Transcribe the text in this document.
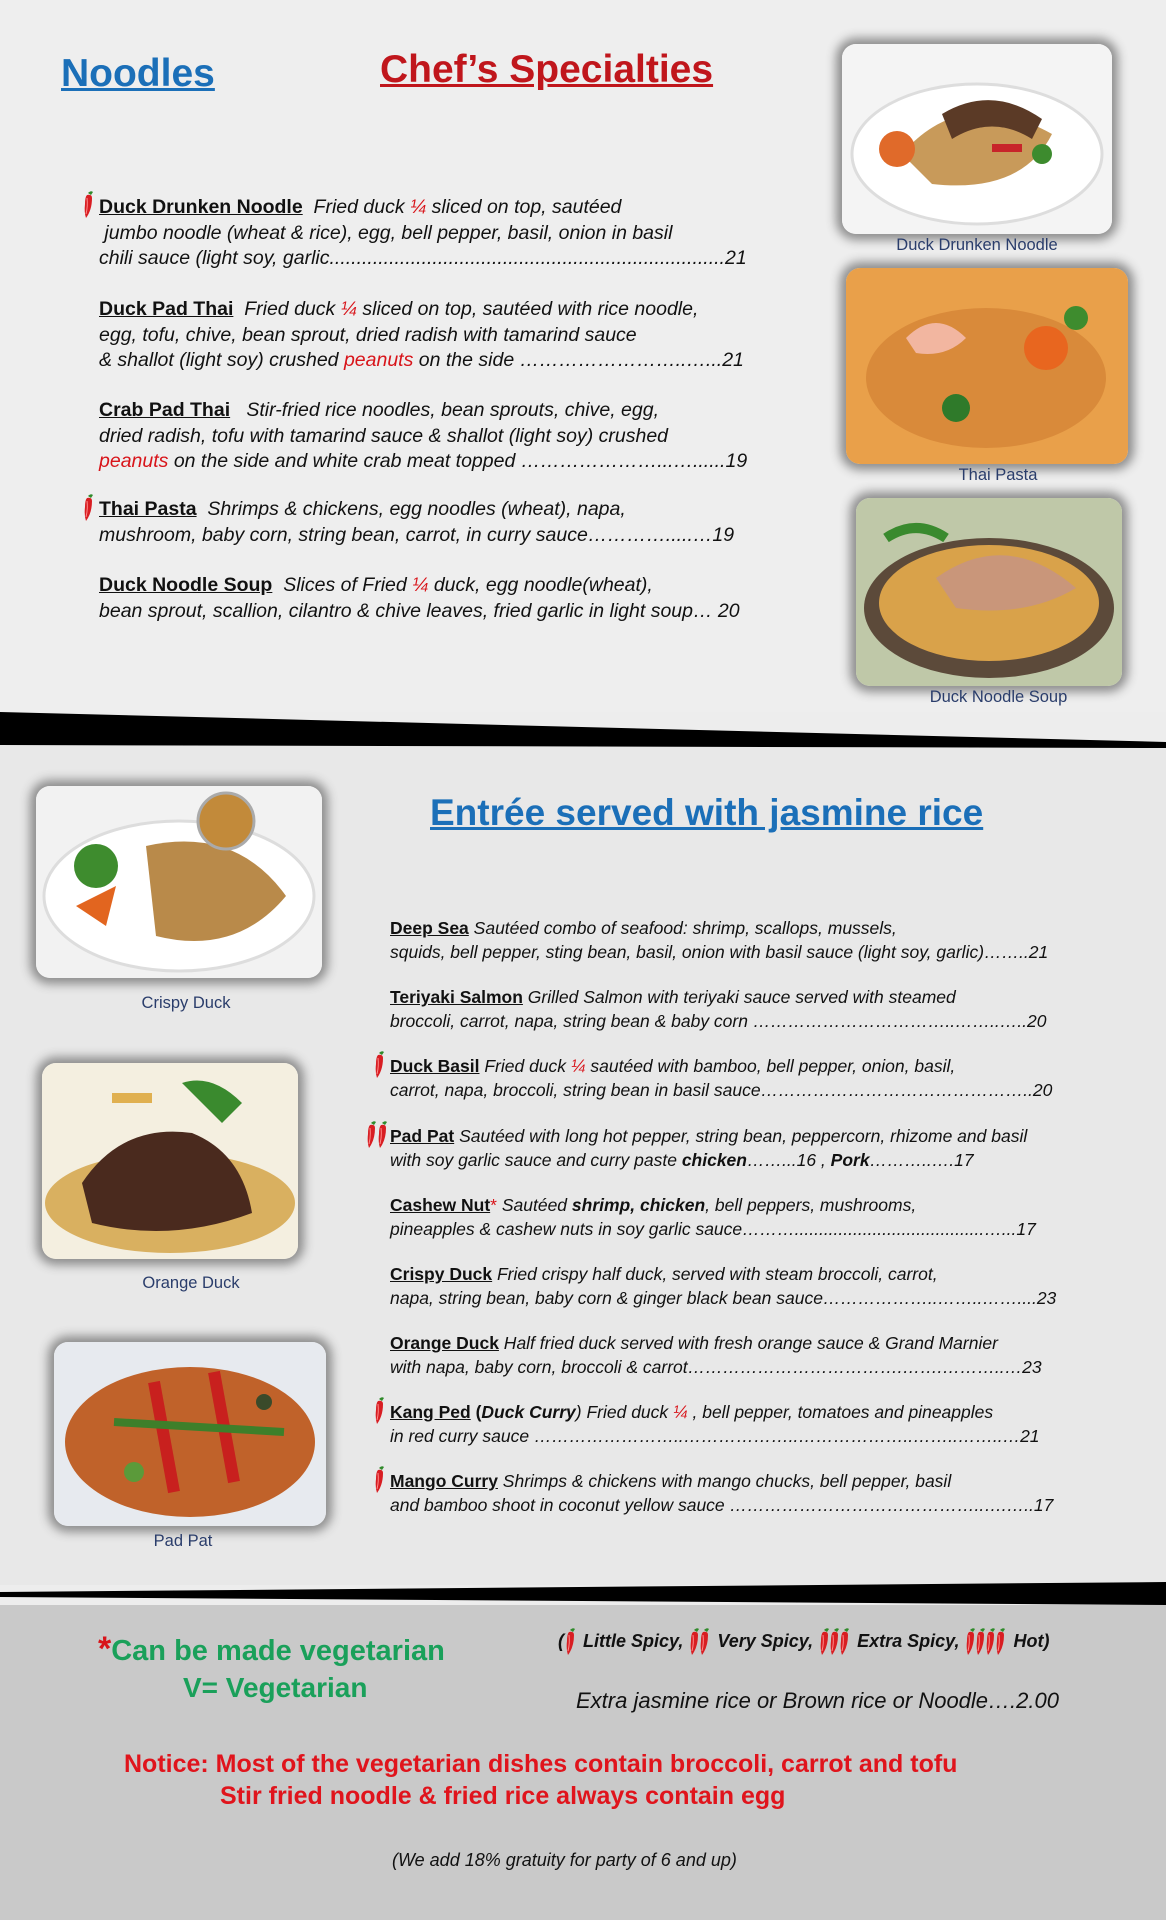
Noodles	Chef’s Specialties
Entrée served with jasmine rice
Duck Drunken Noodle Fried duck ¼ sliced on top, sautéed
jumbo noodle (wheat & rice), egg, bell pepper, basil, onion in basil
chili sauce (light soy, garlic.........................................................................21
Duck Pad Thai Fried duck ¼ sliced on top, sautéed with rice noodle,
egg, tofu, chive, bean sprout, dried radish with tamarind sauce
& shallot (light soy) crushed peanuts on the side ……………………..…...21
Crab Pad Thai   Stir-fried rice noodles, bean sprouts, chive, egg,
dried radish, tofu with tamarind sauce & shallot (light soy) crushed
peanuts on the side and white crab meat topped …………………...…......19
Thai Pasta Shrimps & chickens, egg noodles (wheat), napa,
mushroom, baby corn, string bean, carrot, in curry sauce………….....…19
Duck Noodle Soup Slices of Fried ¼ duck, egg noodle(wheat),
bean sprout, scallion, cilantro & chive leaves, fried garlic in light soup… 20
Duck Drunken Noodle
Thai Pasta
Duck Noodle Soup
Crispy Duck
Orange Duck
Pad Pat
Deep Sea Sautéed combo of seafood: shrimp, scallops, mussels,
squids, bell pepper, sting bean, basil, onion with basil sauce (light soy, garlic)……..21
Teriyaki Salmon Grilled Salmon with teriyaki sauce served with steamed
broccoli, carrot, napa, string bean & baby corn ……………………………..……..…..20
Duck Basil Fried duck ¼ sautéed with bamboo, bell pepper, onion, basil,
carrot, napa, broccoli, string bean in basil sauce………………………………………..20
Pad Pat Sautéed with long hot pepper, string bean, peppercorn, rhizome and basil
with soy garlic sauce and curry paste chicken……...16 , Pork………..….17
Cashew Nut* Sautéed shrimp, chicken, bell peppers, mushrooms,
pineapples & cashew nuts in soy garlic sauce……….......................................…...17
Crispy Duck Fried crispy half duck, served with steam broccoli, carrot,
napa, string bean, baby corn & ginger black bean sauce………………..……..……....23
Orange Duck Half fried duck served with fresh orange sauce & Grand Marnier
with napa, baby corn, broccoli & carrot……………………………….…….………..…23
Kang Ped (Duck Curry) Fried duck ¼ , bell pepper, tomatoes and pineapples
in red curry sauce ……………………..………………..………………..……..……..…21
Mango Curry Shrimps & chickens with mango chucks, bell pepper, basil
and bamboo shoot in coconut yellow sauce ……………………………………..….…..17
*Can be made vegetarian
V= Vegetarian
( Little Spicy,  Very Spicy,  Extra Spicy,  Hot)
Extra jasmine rice or Brown rice or Noodle….2.00
Notice: Most of the vegetarian dishes contain broccoli, carrot and tofu
Stir fried noodle & fried rice always contain egg
(We add 18% gratuity for party of 6 and up)
